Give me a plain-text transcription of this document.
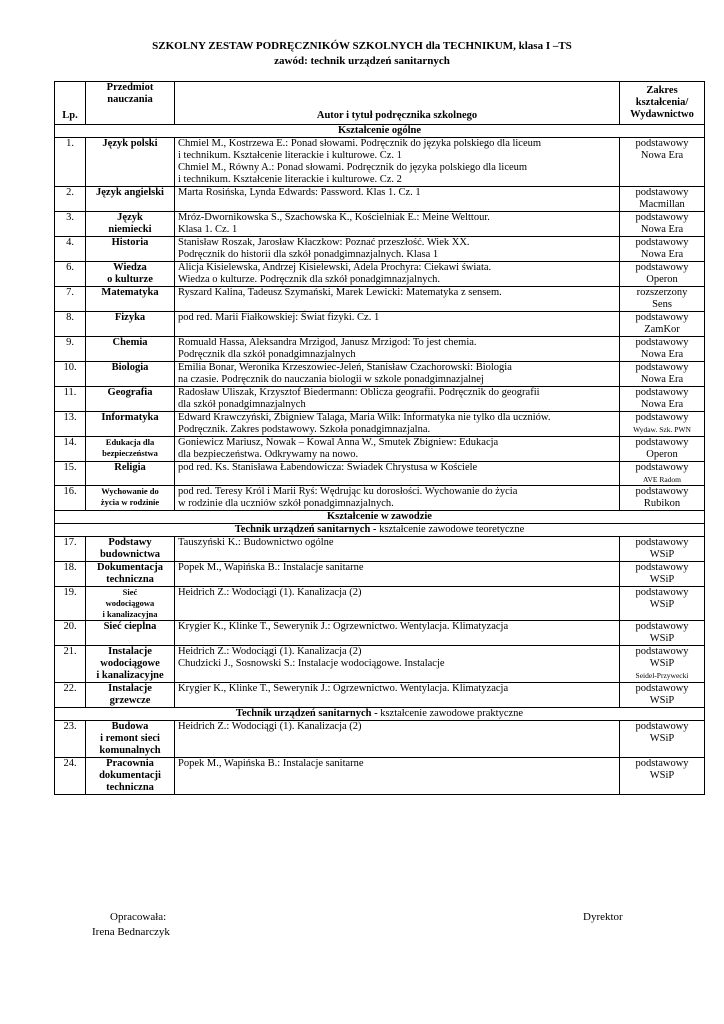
SZKOLNY ZESTAW PODRĘCZNIKÓW SZKOLNYCH dla TECHNIKUM, klasa I –TS
zawód: technik urządzeń sanitarnych
Lp.	Przedmiot
nauczania	Autor i tytuł podręcznika szkolnego	Zakres
kształcenia/
Wydawnictwo

Kształcenie ogólne			
1.	Język polski	Chmiel M., Kostrzewa E.: Ponad słowami. Podręcznik do języka polskiego dla liceum
i technikum. Kształcenie literackie i kulturowe. Cz. 1
Chmiel M., Równy A.: Ponad słowami. Podręcznik do języka polskiego dla liceum
i technikum. Kształcenie literackie i kulturowe. Cz. 2	podstawowy
Nowa Era

2.	Język angielski	Marta Rosińska, Lynda Edwards: Password. Klas 1. Cz. 1	podstawowy
Macmillan

3.	Język
niemiecki	Mróz-Dwornikowska S., Szachowska K., Kościelniak E.: Meine Welttour.
Klasa 1. Cz. 1	podstawowy
Nowa Era

4.	Historia	Stanisław Roszak, Jarosław Kłaczkow: Poznać przeszłość. Wiek XX.
Podręcznik do historii dla szkół ponadgimnazjalnych. Klasa 1	podstawowy
Nowa Era

6.	Wiedza
o kulturze	Alicja Kisielewska, Andrzej Kisielewski, Adela Prochyra: Ciekawi świata.
Wiedza o kulturze. Podręcznik dla szkół ponadgimnazjalnych.	podstawowy
Operon

7.	Matematyka	Ryszard Kalina, Tadeusz Szymański, Marek Lewicki: Matematyka z sensem.	rozszerzony
Sens

8.	Fizyka	pod red. Marii Fiałkowskiej: Świat fizyki. Cz. 1	podstawowy
ZamKor

9.	Chemia	Romuald Hassa, Aleksandra Mrzigod, Janusz Mrzigod: To jest chemia.
Podręcznik dla szkół ponadgimnazjalnych	podstawowy
Nowa Era

10.	Biologia	Emilia Bonar, Weronika Krzeszowiec-Jeleń, Stanisław Czachorowski: Biologia
na czasie. Podręcznik do nauczania biologii w szkole ponadgimnazjalnej	podstawowy
Nowa Era

11.	Geografia	Radosław Uliszak, Krzysztof Biedermann: Oblicza geografii. Podręcznik do geografii
dla szkół ponadgimnazjalnych	podstawowy
Nowa Era

13.	Informatyka	Edward Krawczyński, Zbigniew Talaga, Maria Wilk: Informatyka nie tylko dla uczniów.
Podręcznik. Zakres podstawowy. Szkoła ponadgimnazjalna.	podstawowy
Wydaw. Szk. PWN

14.	Edukacja dla
bezpieczeństwa	Goniewicz Mariusz, Nowak – Kowal Anna W., Smutek Zbigniew: Edukacja
dla bezpieczeństwa. Odkrywamy na nowo.	podstawowy
Operon

15.	Religia	pod red. Ks. Stanisława Łabendowicza: Świadek Chrystusa w Kościele	podstawowy
AVE Radom

16.	Wychowanie do
życia w rodzinie	pod red. Teresy Król i Marii Ryś: Wędrując ku dorosłości. Wychowanie do życia
w rodzinie dla uczniów szkół ponadgimnazjalnych.	podstawowy
Rubikon

Kształcenie w zawodzie			
Technik urządzeń sanitarnych - kształcenie zawodowe teoretyczne			
17.	Podstawy
budownictwa	Tauszyński K.: Budownictwo ogólne	podstawowy
WSiP

18.	Dokumentacja
techniczna	Popek M., Wapińska B.: Instalacje sanitarne	podstawowy
WSiP

19.	Sieć
wodociągowa
i kanalizacyjna	Heidrich Z.: Wodociągi (1). Kanalizacja (2)	podstawowy
WSiP

20.	Sieć cieplna	Krygier K., Klinke T., Sewerynik J.: Ogrzewnictwo. Wentylacja. Klimatyzacja	podstawowy
WSiP

21.	Instalacje
wodociągowe
i kanalizacyjne	Heidrich Z.: Wodociągi (1). Kanalizacja (2)
Chudzicki J., Sosnowski S.: Instalacje wodociągowe. Instalacje	podstawowy
WSiP
Seidel-Przywecki

22.	Instalacje
grzewcze	Krygier K., Klinke T., Sewerynik J.: Ogrzewnictwo. Wentylacja. Klimatyzacja	podstawowy
WSiP

Technik urządzeń sanitarnych - kształcenie zawodowe praktyczne			
23.	Budowa
i remont sieci
komunalnych	Heidrich Z.: Wodociągi (1). Kanalizacja (2)	podstawowy
WSiP

24.	Pracownia
dokumentacji
techniczna	Popek M., Wapińska B.: Instalacje sanitarne	podstawowy
WSiP
Opracowała:
Irena Bednarczyk
Dyrektor
